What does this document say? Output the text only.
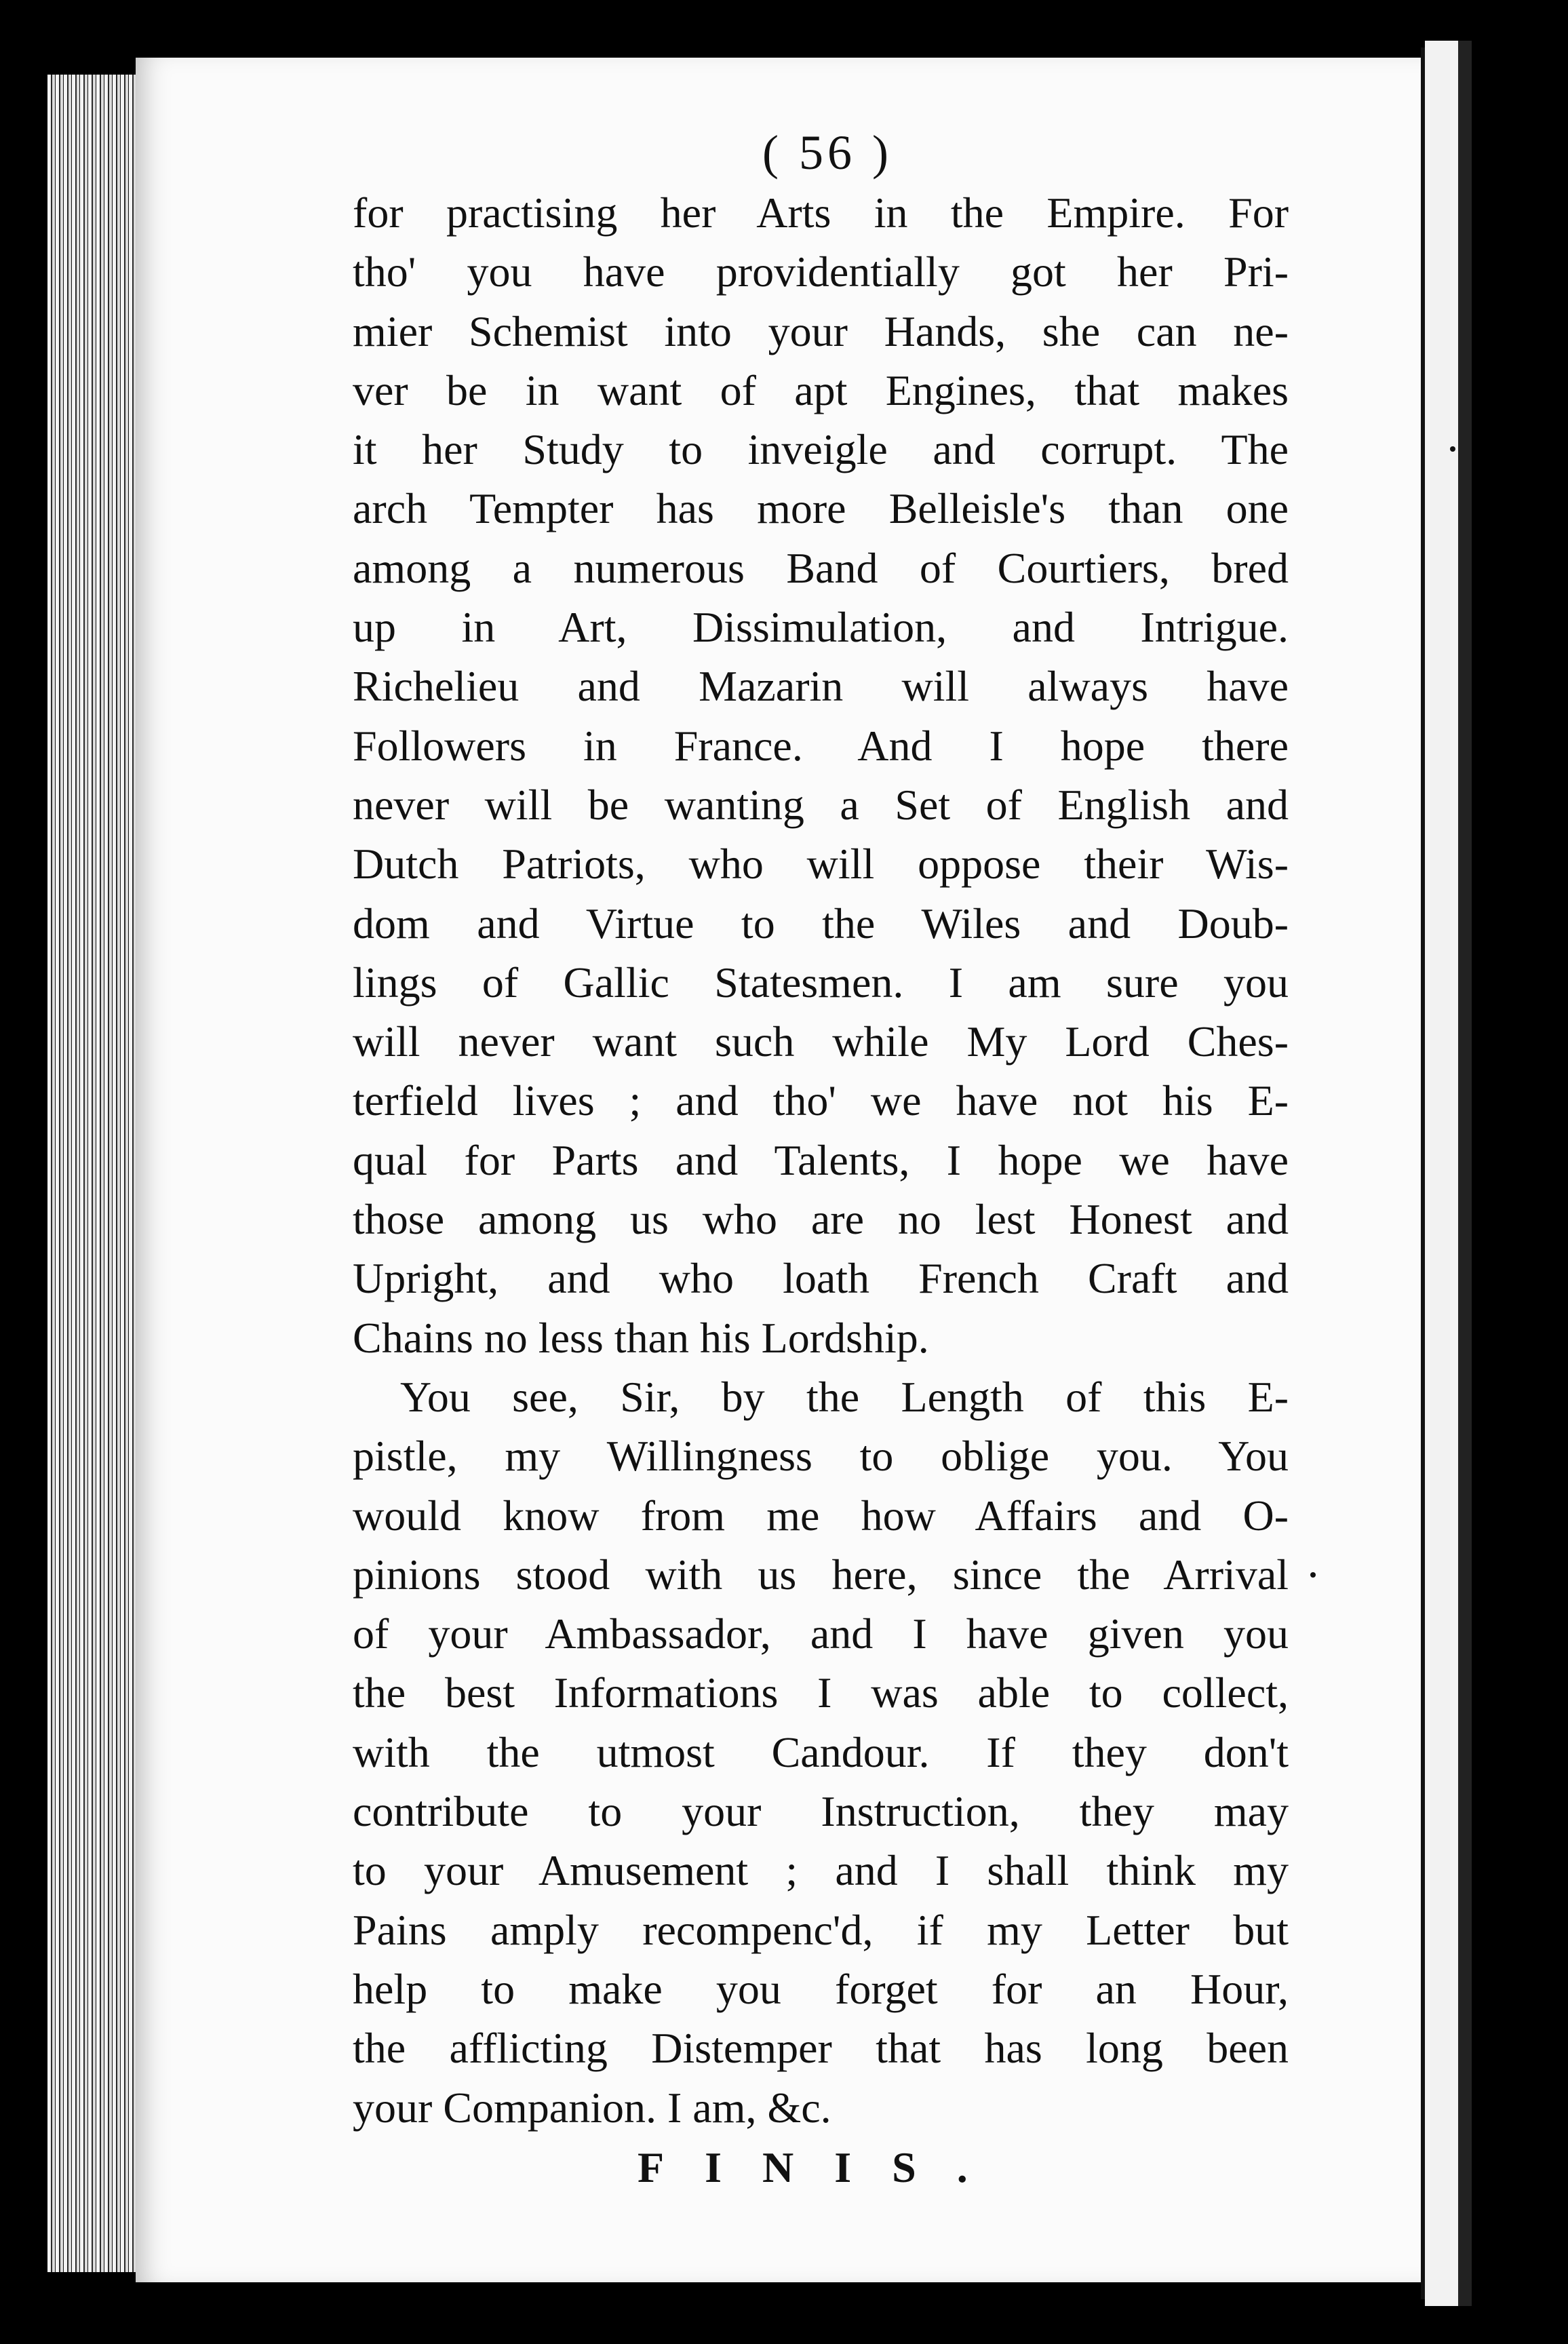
( 56 )
for practising her Arts in the Empire. For
tho' you have providentially got her Pri-
mier Schemist into your Hands, she can ne-
ver be in want of apt Engines, that makes
it her Study to inveigle and corrupt. The
arch Tempter has more Belleisle's than one
among a numerous Band of Courtiers, bred
up in Art, Dissimulation, and Intrigue.
Richelieu and Mazarin will always have
Followers in France. And I hope there
never will be wanting a Set of English and
Dutch Patriots, who will oppose their Wis-
dom and Virtue to the Wiles and Doub-
lings of Gallic Statesmen. I am sure you
will never want such while My Lord Ches-
terfield lives ; and tho' we have not his E-
qual for Parts and Talents, I hope we have
those among us who are no lest Honest and
Upright, and who loath French Craft and
Chains no less than his Lordship.
You see, Sir, by the Length of this E-
pistle, my Willingness to oblige you. You
would know from me how Affairs and O-
pinions stood with us here, since the Arrival
of your Ambassador, and I have given you
the best Informations I was able to collect,
with the utmost Candour. If they don't
contribute to your Instruction, they may
to your Amusement ; and I shall think my
Pains amply recompenc'd, if my Letter but
help to make you forget for an Hour,
the afflicting Distemper that has long been
your Companion. I am, &c.
FINIS.
